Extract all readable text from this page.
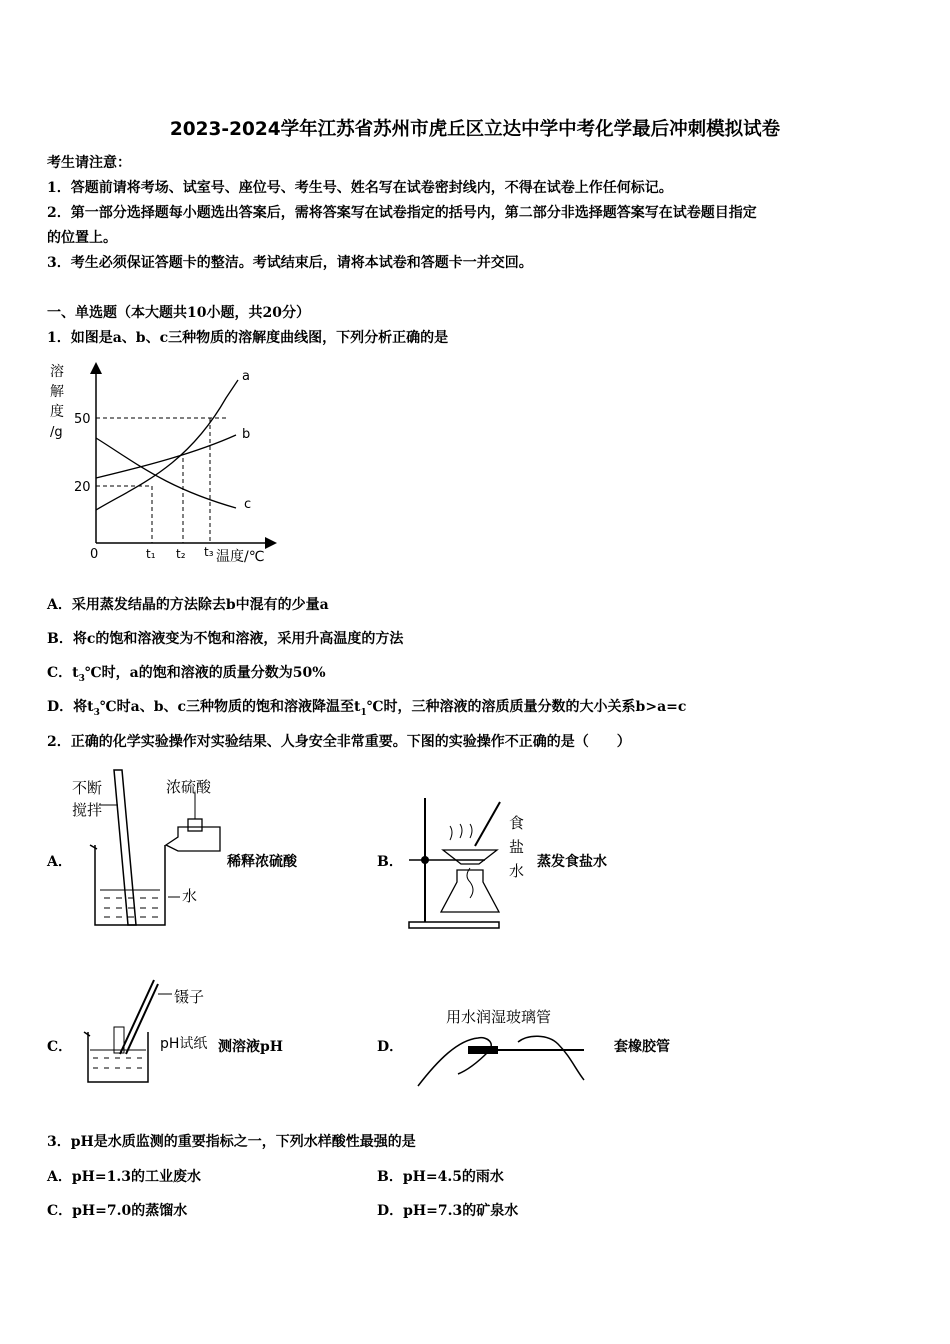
2023-2024学年江苏省苏州市虎丘区立达中学中考化学最后冲刺模拟试卷
考生请注意：
1．答题前请将考场、试室号、座位号、考生号、姓名写在试卷密封线内，不得在试卷上作任何标记。
2．第一部分选择题每小题选出答案后，需将答案写在试卷指定的括号内，第二部分非选择题答案写在试卷题目指定
的位置上。
3．考生必须保证答题卡的整洁。考试结束后，请将本试卷和答题卡一并交回。
一、单选题（本大题共10小题，共20分）
1．如图是a、b、c三种物质的溶解度曲线图，下列分析正确的是
溶
解
度
/g
50
20
0	t₁ t₂ t₃ 温度/℃
a
b
c
A．采用蒸发结晶的方法除去b中混有的少量a
B．将c的饱和溶液变为不饱和溶液，采用升高温度的方法
C．$t_3℃$时，a的饱和溶液的质量分数为50%
D．将$t_3℃$时a、b、c三种物质的饱和溶液降温至$t_1℃$时，三种溶液的溶质质量分数的大小关系b>a=c
2．正确的化学实验操作对实验结果、人身安全非常重要。下图的实验操作不正确的是（　　）
A．
不断
搅拌
浓硫酸
水
稀释浓硫酸	B．
食
盐
水 蒸发食盐水
C．
镊子
pH试纸 测溶液pH	D．
用水润湿玻璃管
套橡胶管
3．pH是水质监测的重要指标之一，下列水样酸性最强的是
A．pH=1.3的工业废水	B．pH=4.5的雨水
C．pH=7.0的蒸馏水	D．pH=7.3的矿泉水
